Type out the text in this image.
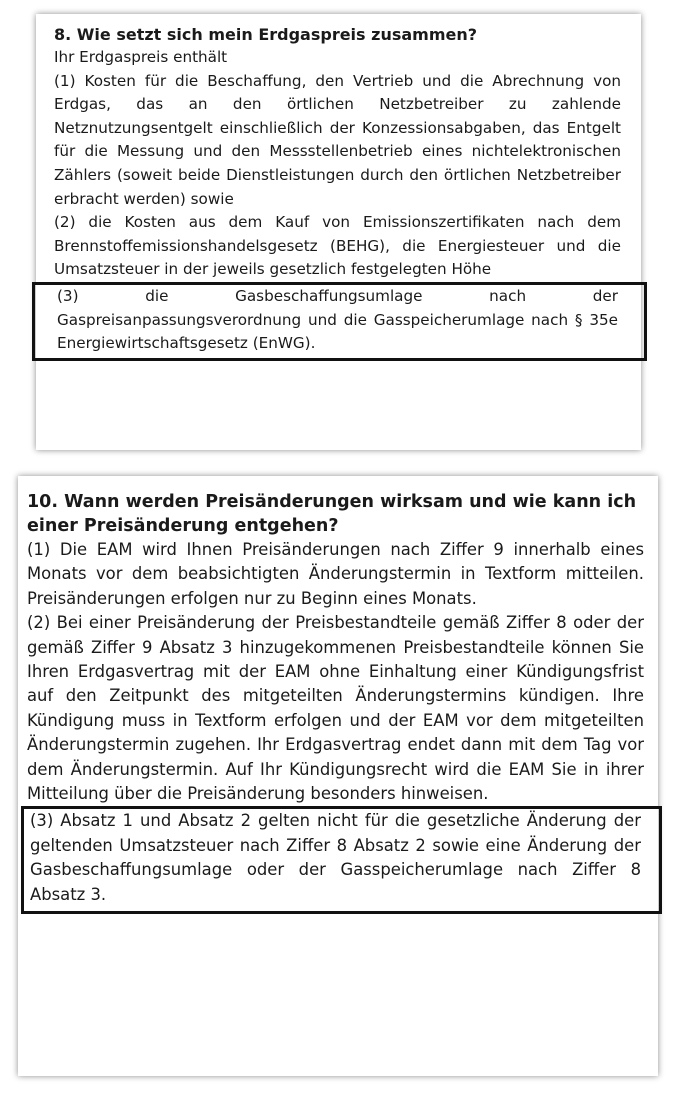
8. Wie setzt sich mein Erdgaspreis zusammen?

Ihr Erdgaspreis enthält

(1) Kosten für die Beschaffung, den Vertrieb und die Abrechnung von Erdgas, das an den örtlichen Netzbetreiber zu zahlende Netznutzungsentgelt einschließlich der Konzessionsabgaben, das Entgelt für die Messung und den Messstellenbetrieb eines nichtelektronischen Zählers (soweit beide Dienstleistungen durch den örtlichen Netzbetreiber erbracht werden) sowie

(2) die Kosten aus dem Kauf von Emissionszertifikaten nach dem Brennstoffemissionshandelsgesetz (BEHG), die Energiesteuer und die Umsatzsteuer in der jeweils gesetzlich festgelegten Höhe

(3) die Gasbeschaffungsumlage nach der Gaspreisanpassungsverordnung und die Gasspeicherumlage nach § 35e Energiewirtschaftsgesetz (EnWG).

10. Wann werden Preisänderungen wirksam und wie kann ich einer Preisänderung entgehen?

(1) Die EAM wird Ihnen Preisänderungen nach Ziffer 9 innerhalb eines Monats vor dem beabsichtigten Änderungstermin in Textform mitteilen. Preisänderungen erfolgen nur zu Beginn eines Monats.

(2) Bei einer Preisänderung der Preisbestandteile gemäß Ziffer 8 oder der gemäß Ziffer 9 Absatz 3 hinzugekommenen Preisbestandteile können Sie Ihren Erdgasvertrag mit der EAM ohne Einhaltung einer Kündigungsfrist auf den Zeitpunkt des mitgeteilten Änderungstermins kündigen. Ihre Kündigung muss in Textform erfolgen und der EAM vor dem mitgeteilten Änderungstermin zugehen. Ihr Erdgasvertrag endet dann mit dem Tag vor dem Änderungstermin. Auf Ihr Kündigungsrecht wird die EAM Sie in ihrer Mitteilung über die Preisänderung besonders hinweisen.

(3) Absatz 1 und Absatz 2 gelten nicht für die gesetzliche Änderung der geltenden Umsatzsteuer nach Ziffer 8 Absatz 2 sowie eine Änderung der Gasbeschaffungsumlage oder der Gasspeicherumlage nach Ziffer 8 Absatz 3.
